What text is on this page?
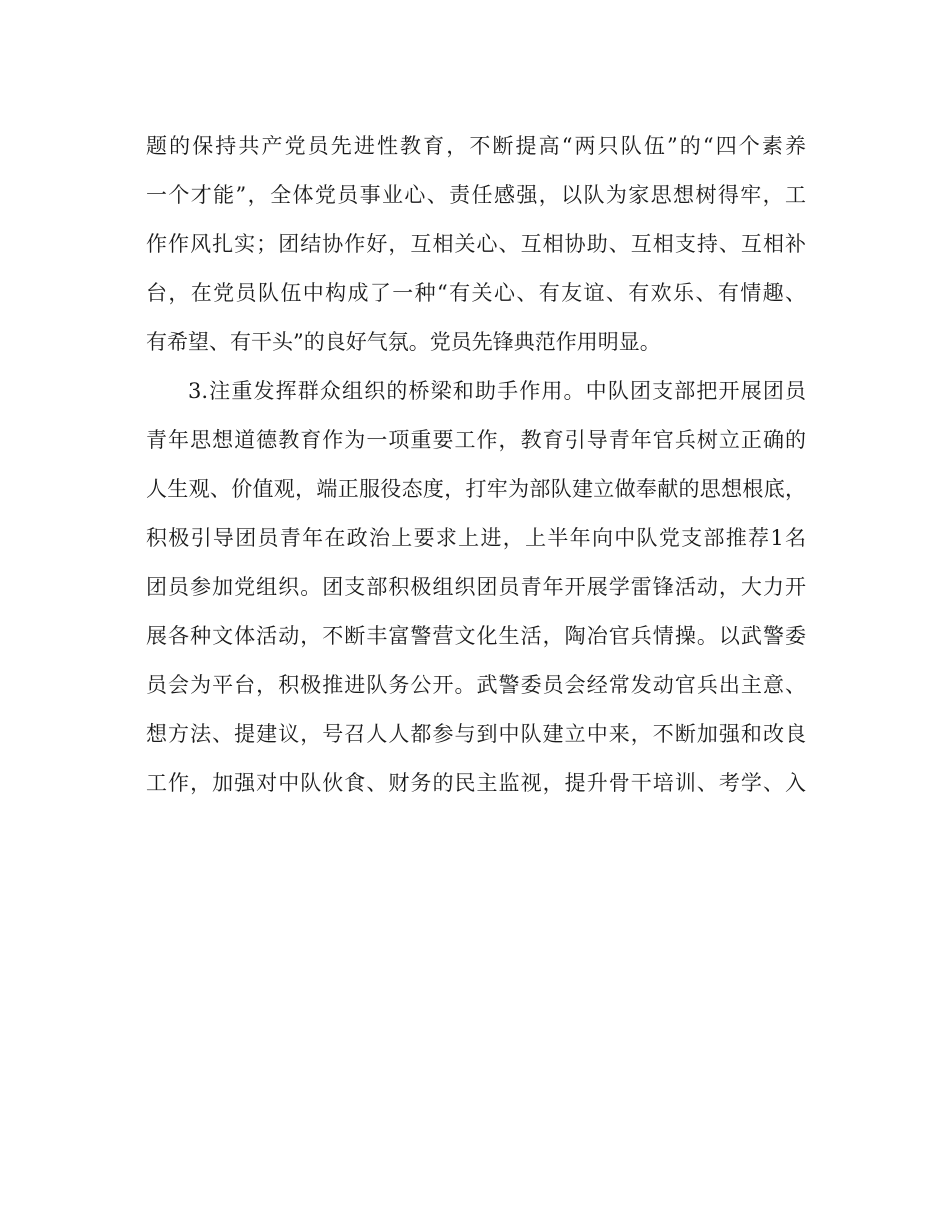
题的保持共产党员先进性教育，不断提高“两只队伍”的“四个素养
一个才能”，全体党员事业心、责任感强，以队为家思想树得牢，工
作作风扎实；团结协作好，互相关心、互相协助、互相支持、互相补
台，在党员队伍中构成了一种“有关心、有友谊、有欢乐、有情趣、
有希望、有干头”的良好气氛。党员先锋典范作用明显。
3.注重发挥群众组织的桥梁和助手作用。中队团支部把开展团员
青年思想道德教育作为一项重要工作，教育引导青年官兵树立正确的
人生观、价值观，端正服役态度，打牢为部队建立做奉献的思想根底，
积极引导团员青年在政治上要求上进，上半年向中队党支部推荐1名
团员参加党组织。团支部积极组织团员青年开展学雷锋活动，大力开
展各种文体活动，不断丰富警营文化生活，陶冶官兵情操。以武警委
员会为平台，积极推进队务公开。武警委员会经常发动官兵出主意、
想方法、提建议，号召人人都参与到中队建立中来，不断加强和改良
工作，加强对中队伙食、财务的民主监视，提升骨干培训、考学、入
